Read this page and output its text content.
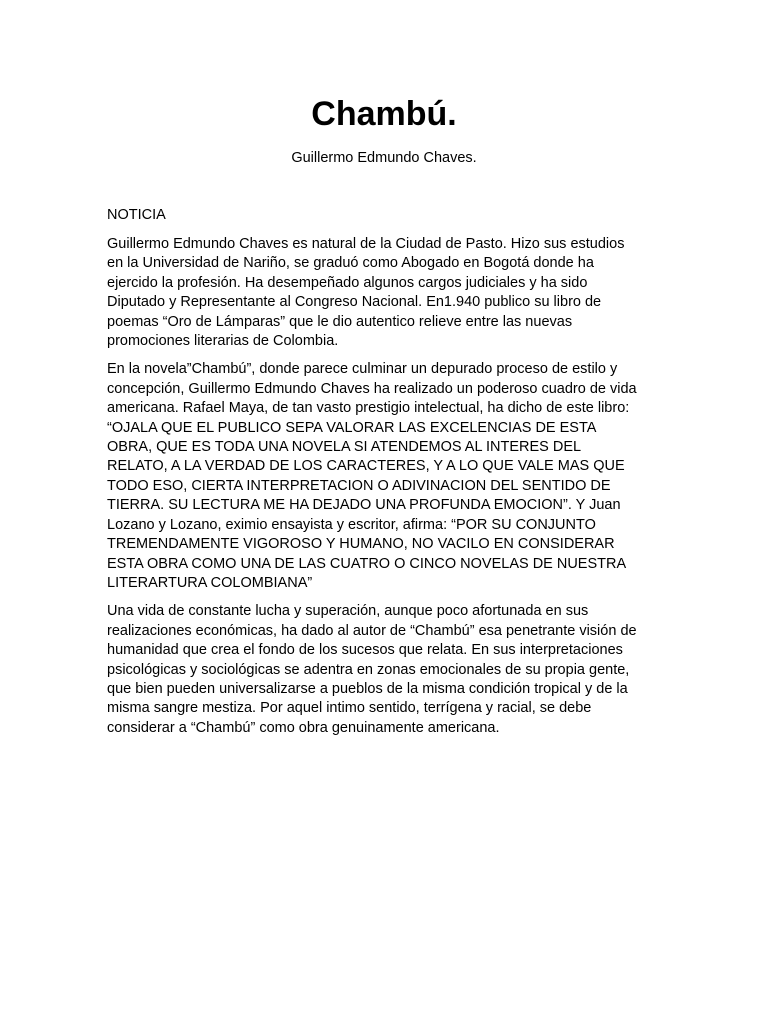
Chambú.

Guillermo Edmundo Chaves.

NOTICIA

Guillermo Edmundo Chaves es natural de la Ciudad de Pasto. Hizo sus estudios
en la Universidad de Nariño, se graduó como Abogado en Bogotá donde ha
ejercido la profesión. Ha desempeñado algunos cargos judiciales y ha sido
Diputado y Representante al Congreso Nacional. En1.940 publico su libro de
poemas “Oro de Lámparas” que le dio autentico relieve entre las nuevas
promociones literarias de Colombia.

En la novela”Chambú”, donde parece culminar un depurado proceso de estilo y
concepción, Guillermo Edmundo Chaves ha realizado un poderoso cuadro de vida
americana. Rafael Maya, de tan vasto prestigio intelectual, ha dicho de este libro:
“OJALA QUE EL PUBLICO SEPA VALORAR LAS EXCELENCIAS DE ESTA
OBRA, QUE ES TODA UNA NOVELA SI ATENDEMOS AL INTERES DEL
RELATO, A LA VERDAD DE LOS CARACTERES, Y A LO QUE VALE MAS QUE
TODO ESO, CIERTA INTERPRETACION O ADIVINACION DEL SENTIDO DE
TIERRA. SU LECTURA ME HA DEJADO UNA PROFUNDA EMOCION”. Y Juan
Lozano y Lozano, eximio ensayista y escritor, afirma: “POR SU CONJUNTO
TREMENDAMENTE VIGOROSO Y HUMANO, NO VACILO EN CONSIDERAR
ESTA OBRA COMO UNA DE LAS CUATRO O CINCO NOVELAS DE NUESTRA
LITERARTURA COLOMBIANA”

Una vida de constante lucha y superación, aunque poco afortunada en sus
realizaciones económicas, ha dado al autor de “Chambú” esa penetrante visión de
humanidad que crea el fondo de los sucesos que relata. En sus interpretaciones
psicológicas y sociológicas se adentra en zonas emocionales de su propia gente,
que bien pueden universalizarse a pueblos de la misma condición tropical y de la
misma sangre mestiza. Por aquel intimo sentido, terrígena y racial, se debe
considerar a “Chambú” como obra genuinamente americana.
